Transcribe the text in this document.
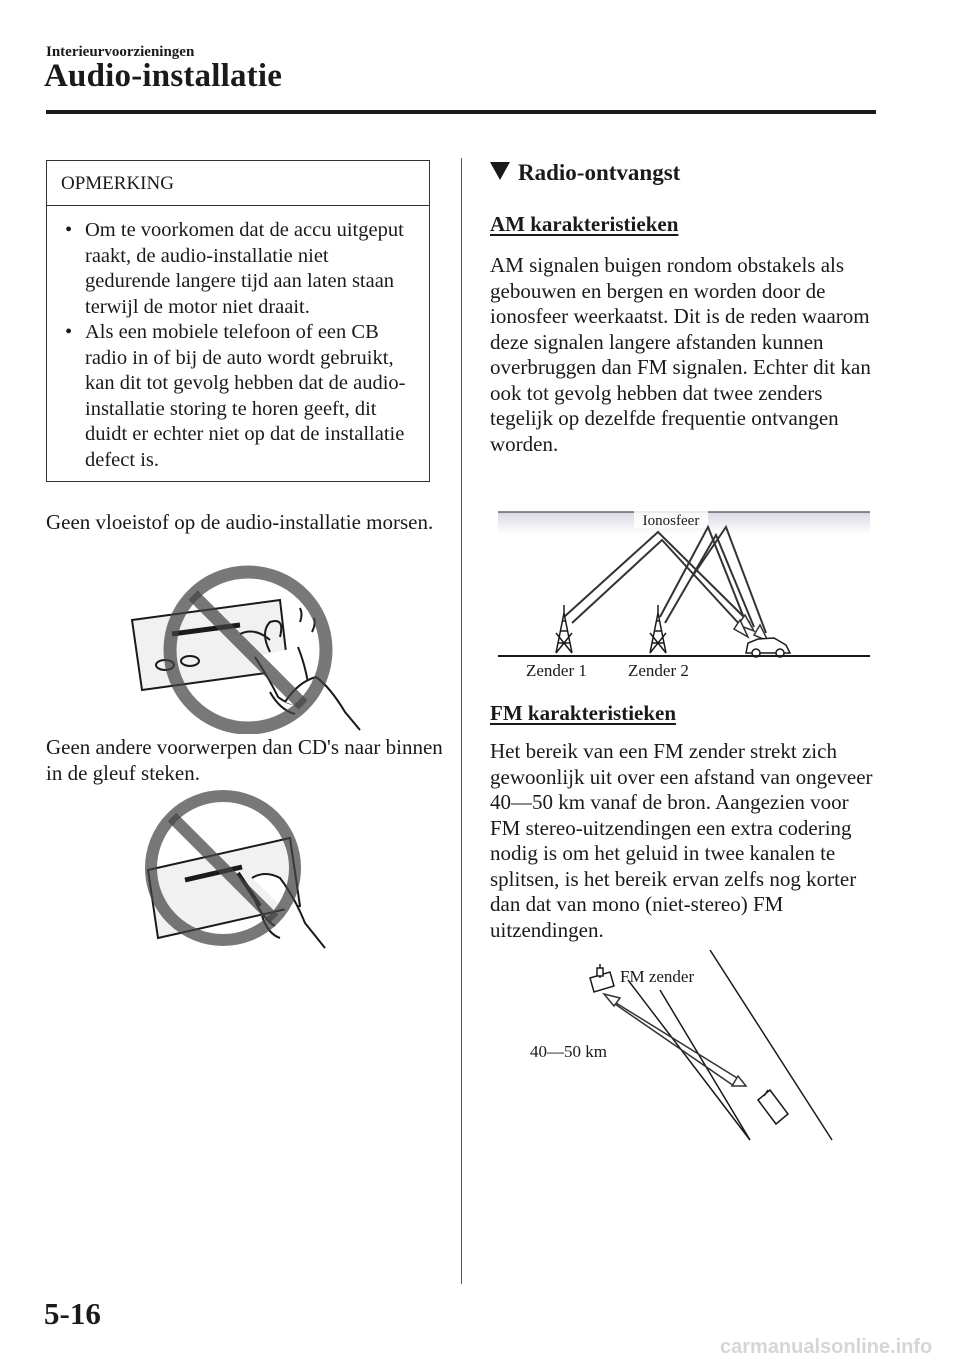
Interieurvoorzieningen
Audio-installatie
OPMERKING
• Om te voorkomen dat de accu uitgeput raakt, de audio-installatie niet gedurende langere tijd aan laten staan terwijl de motor niet draait.
• Als een mobiele telefoon of een CB radio in of bij de auto wordt gebruikt, kan dit tot gevolg hebben dat de audio-installatie storing te horen geeft, dit duidt er echter niet op dat de installatie defect is.
Geen vloeistof op de audio-installatie morsen.
Geen andere voorwerpen dan CD's naar binnen in de gleuf steken.
Radio-ontvangst
AM karakteristieken
AM signalen buigen rondom obstakels als gebouwen en bergen en worden door de ionosfeer weerkaatst. Dit is de reden waarom deze signalen langere afstanden kunnen overbruggen dan FM signalen. Echter dit kan ook tot gevolg hebben dat twee zenders tegelijk op dezelfde frequentie ontvangen worden.
Ionosfeer
Zender 1 Zender 2
FM karakteristieken
Het bereik van een FM zender strekt zich gewoonlijk uit over een afstand van ongeveer 40—50 km vanaf de bron. Aangezien voor FM stereo-uitzendingen een extra codering nodig is om het geluid in twee kanalen te splitsen, is het bereik ervan zelfs nog korter dan dat van mono (niet-stereo) FM uitzendingen.
FM zender
40—50 km
5-16
carmanualsonline.info
